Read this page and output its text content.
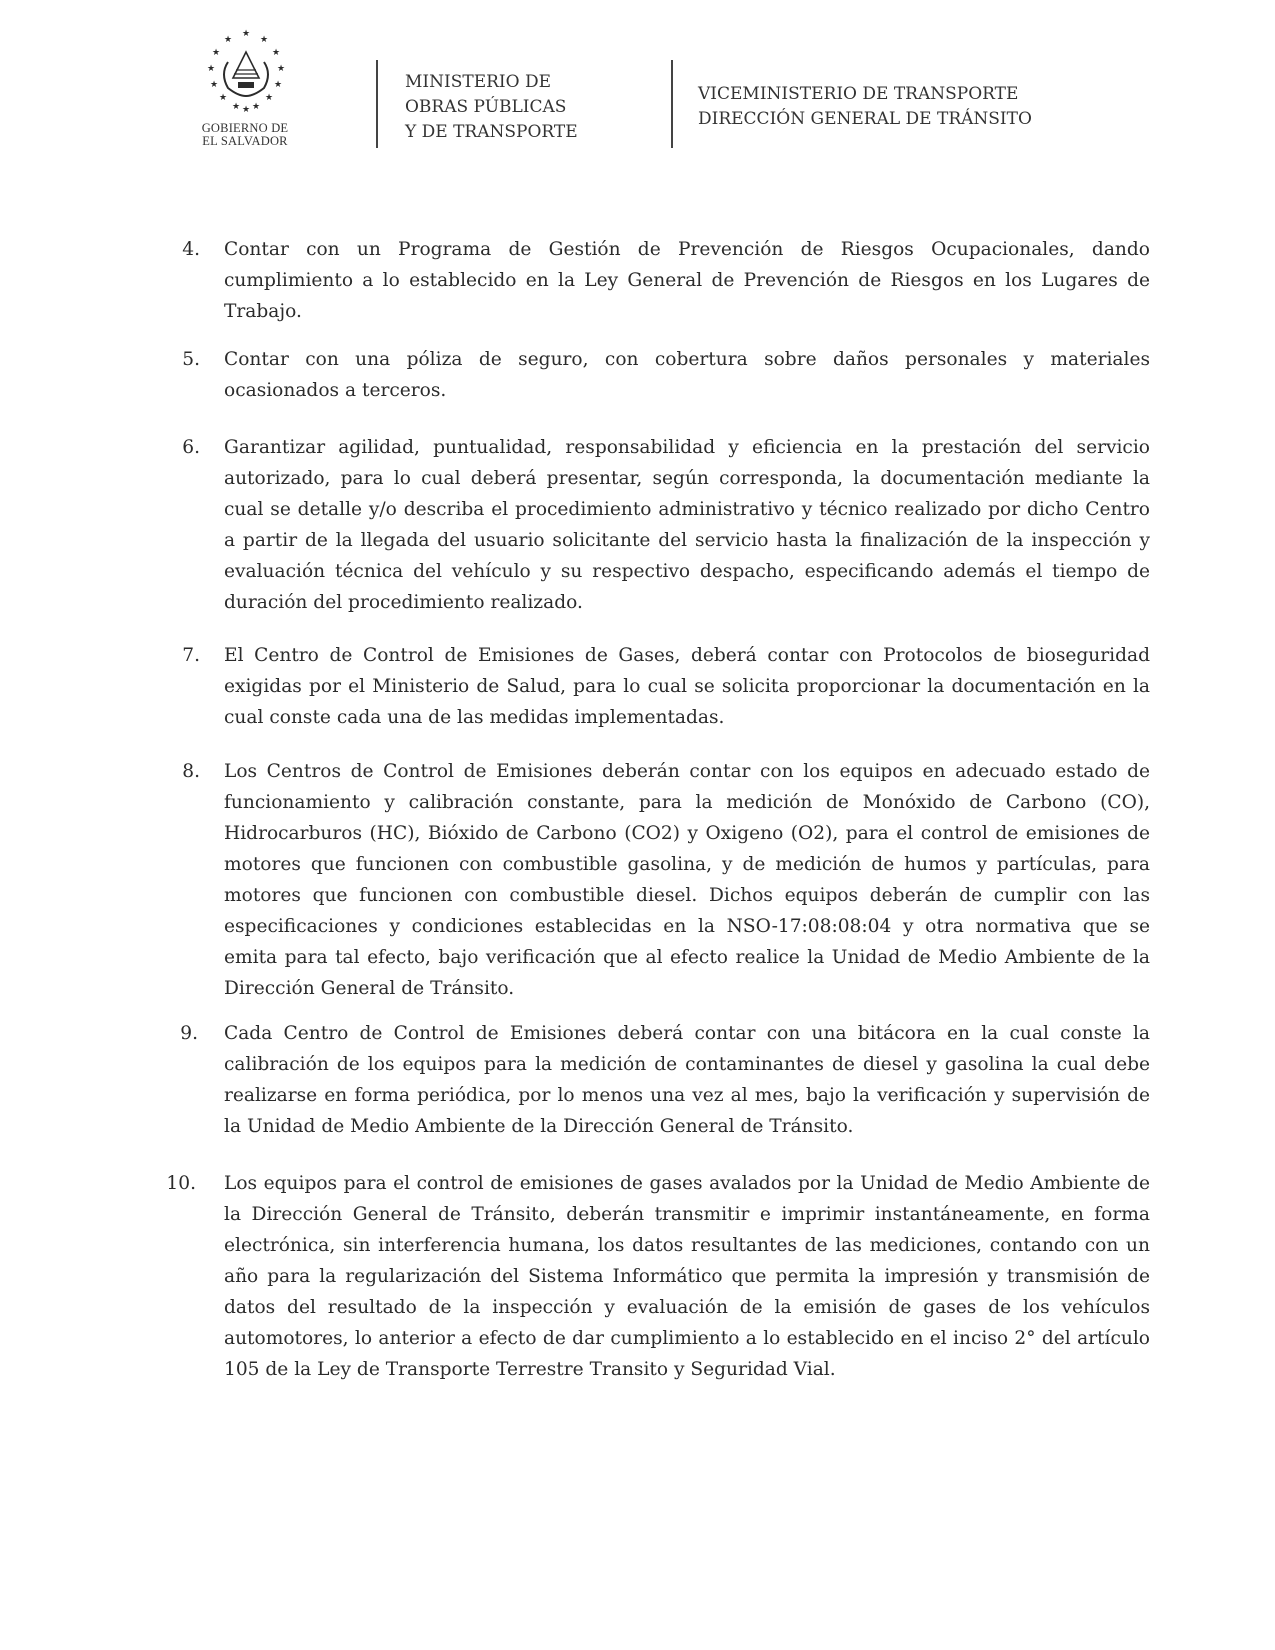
★
★	★
★	★
★	★
★	★
★	★
★ ★
★
GOBIERNO DE
EL SALVADOR
MINISTERIO DE
OBRAS PÚBLICAS
Y DE TRANSPORTE
VICEMINISTERIO DE TRANSPORTE
DIRECCIÓN GENERAL DE TRÁNSITO
4. Contar con un Programa de Gestión de Prevención de Riesgos Ocupacionales, dando
cumplimiento a lo establecido en la Ley General de Prevención de Riesgos en los Lugares de
Trabajo.
5. Contar con una póliza de seguro, con cobertura sobre daños personales y materiales
ocasionados a terceros.
6. Garantizar agilidad, puntualidad, responsabilidad y eficiencia en la prestación del servicio
autorizado, para lo cual deberá presentar, según corresponda, la documentación mediante la
cual se detalle y/o describa el procedimiento administrativo y técnico realizado por dicho Centro
a partir de la llegada del usuario solicitante del servicio hasta la finalización de la inspección y
evaluación técnica del vehículo y su respectivo despacho, especificando además el tiempo de
duración del procedimiento realizado.
7. El Centro de Control de Emisiones de Gases, deberá contar con Protocolos de bioseguridad
exigidas por el Ministerio de Salud, para lo cual se solicita proporcionar la documentación en la
cual conste cada una de las medidas implementadas.
8. Los Centros de Control de Emisiones deberán contar con los equipos en adecuado estado de
funcionamiento y calibración constante, para la medición de Monóxido de Carbono (CO),
Hidrocarburos (HC), Bióxido de Carbono (CO2) y Oxigeno (O2), para el control de emisiones de
motores que funcionen con combustible gasolina, y de medición de humos y partículas, para
motores que funcionen con combustible diesel. Dichos equipos deberán de cumplir con las
especificaciones y condiciones establecidas en la NSO-17:08:08:04 y otra normativa que se
emita para tal efecto, bajo verificación que al efecto realice la Unidad de Medio Ambiente de la
Dirección General de Tránsito.
9. Cada Centro de Control de Emisiones deberá contar con una bitácora en la cual conste la
calibración de los equipos para la medición de contaminantes de diesel y gasolina la cual debe
realizarse en forma periódica, por lo menos una vez al mes, bajo la verificación y supervisión de
la Unidad de Medio Ambiente de la Dirección General de Tránsito.
10. Los equipos para el control de emisiones de gases avalados por la Unidad de Medio Ambiente de
la Dirección General de Tránsito, deberán transmitir e imprimir instantáneamente, en forma
electrónica, sin interferencia humana, los datos resultantes de las mediciones, contando con un
año para la regularización del Sistema Informático que permita la impresión y transmisión de
datos del resultado de la inspección y evaluación de la emisión de gases de los vehículos
automotores, lo anterior a efecto de dar cumplimiento a lo establecido en el inciso 2° del artículo
105 de la Ley de Transporte Terrestre Transito y Seguridad Vial.
